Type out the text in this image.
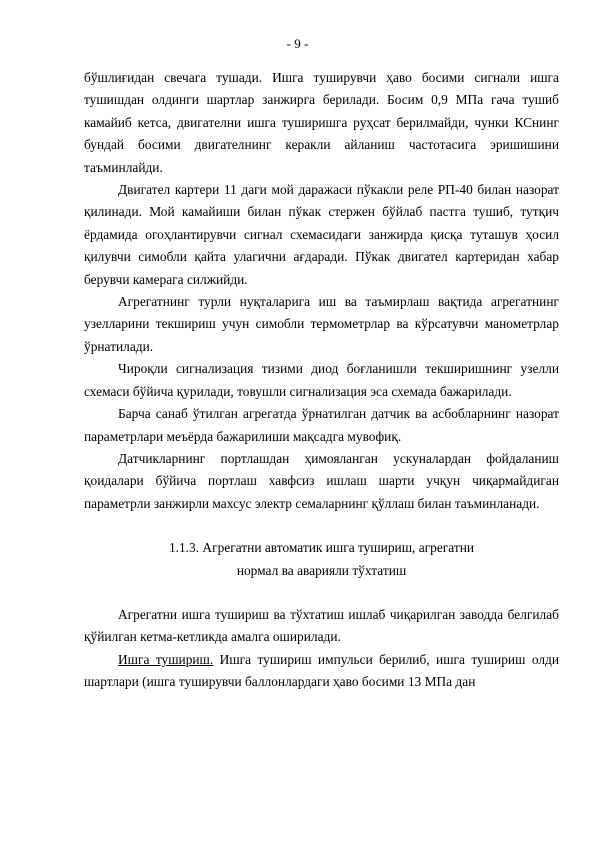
- 9 -

бўшлиғидан свечага тушади. Ишга туширувчи ҳаво босими сигнали ишга тушишдан олдинги шартлар занжирга берилади. Босим 0,9 МПа гача тушиб камайиб кетса, двигателни ишга туширишга руҳсат берилмайди, чунки КСнинг бундай босими двигателнинг керакли айланиш частотасига эришишини таъминлайди.

Двигател картери 11 даги мой даражаси пўкакли реле РП-40 билан назорат қилинади. Мой камайиши билан пўкак стержен бўйлаб пастга тушиб, тутқич ёрдамида огоҳлантирувчи сигнал схемасидаги занжирда қисқа туташув ҳосил қилувчи симобли қайта улагични ағдаради. Пўкак двигател картеридан хабар берувчи камерага силжийди.

Агрегатнинг турли нуқталарига иш ва таъмирлаш вақтида агрегатнинг узелларини текшириш учун симобли термометрлар ва кўрсатувчи манометрлар ўрнатилади.

Чироқли сигнализация тизими диод боғланишли текширишнинг узелли схемаси бўйича қурилади, товушли сигнализация эса схемада бажарилади.

Барча санаб ўтилган агрегатда ўрнатилган датчик ва асбобларнинг назорат параметрлари меъёрда бажарилиши мақсадга мувофиқ.

Датчикларнинг портлашдан ҳимояланган ускуналардан фойдаланиш қоидалари бўйича портлаш хавфсиз ишлаш шарти учқун чиқармайдиган параметрли занжирли махсус электр семаларнинг қўллаш билан таъминланади.

1.1.3. Агрегатни автоматик ишга тушириш, агрегатни
нормал ва аварияли тўхтатиш

Агрегатни ишга тушириш ва тўхтатиш ишлаб чиқарилган заводда белгилаб қўйилган кетма-кетликда амалга оширилади.

Ишга тушириш. Ишга тушириш импульси берилиб, ишга тушириш олди шартлари (ишга туширувчи баллонлардаги ҳаво босими 13 МПа дан
